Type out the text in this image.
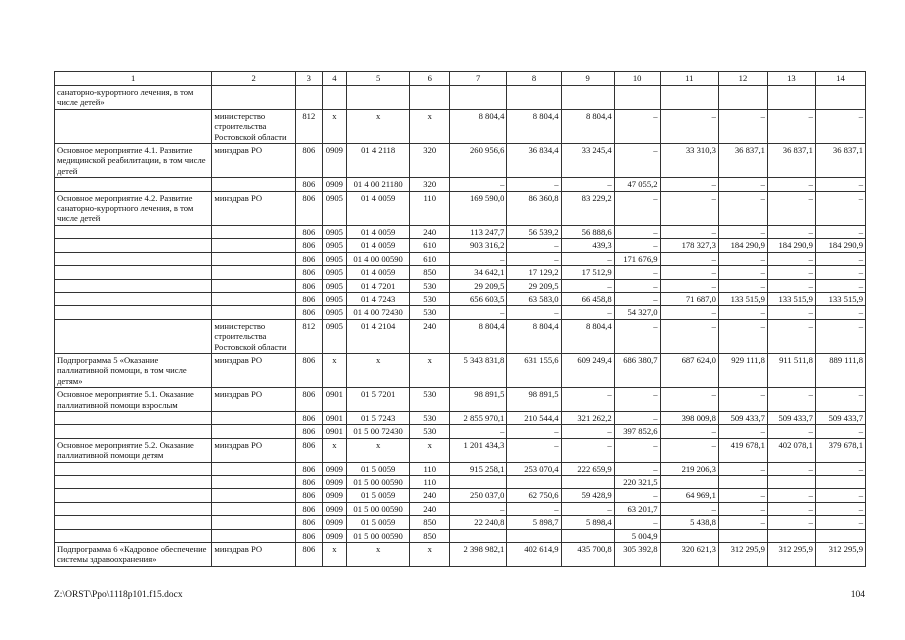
1	2	3	4	5	6	7	8	9	10	11	12	13	14
санаторно-курортного лечения, в том числе детей»													
	министерство строительства Ростовской области	812	х	х	х	8 804,4	8 804,4	8 804,4	–	–	–	–	–
Основное мероприятие 4.1. Развитие медицинской реабилитации, в том числе детей	минздрав РО	806	0909	01 4 2118	320	260 956,6	36 834,4	33 245,4	–	33 310,3	36 837,1	36 837,1	36 837,1
		806	0909	01 4 00 21180	320	–	–	–	47 055,2	–	–	–	–
Основное мероприятие 4.2. Развитие санаторно-курортного лечения, в том числе детей	минздрав РО	806	0905	01 4 0059	110	169 590,0	86 360,8	83 229,2	–	–	–	–	–
		806	0905	01 4 0059	240	113 247,7	56 539,2	56 888,6	–	–	–	–	–
		806	0905	01 4 0059	610	903 316,2	–	439,3	–	178 327,3	184 290,9	184 290,9	184 290,9
		806	0905	01 4 00 00590	610	–	–	–	171 676,9	–	–	–	–
		806	0905	01 4 0059	850	34 642,1	17 129,2	17 512,9	–	–	–	–	–
		806	0905	01 4 7201	530	29 209,5	29 209,5	–	–	–	–	–	–
		806	0905	01 4 7243	530	656 603,5	63 583,0	66 458,8	–	71 687,0	133 515,9	133 515,9	133 515,9
		806	0905	01 4 00 72430	530	–	–	–	54 327,0	–	–	–	–
	министерство строительства Ростовской области	812	0905	01 4 2104	240	8 804,4	8 804,4	8 804,4	–	–	–	–	–
Подпрограмма 5 «Оказание паллиативной помощи, в том числе детям»	минздрав РО	806	х	х	х	5 343 831,8	631 155,6	609 249,4	686 380,7	687 624,0	929 111,8	911 511,8	889 111,8
Основное мероприятие 5.1. Оказание паллиативной помощи взрослым	минздрав РО	806	0901	01 5 7201	530	98 891,5	98 891,5	–	–	–	–	–	–
		806	0901	01 5 7243	530	2 855 970,1	210 544,4	321 262,2	–	398 009,8	509 433,7	509 433,7	509 433,7
		806	0901	01 5 00 72430	530	–	–	–	397 852,6	–	–	–	–
Основное мероприятие 5.2. Оказание паллиативной помощи детям	минздрав РО	806	х	х	х	1 201 434,3	–	–	–	–	419 678,1	402 078,1	379 678,1
		806	0909	01 5 0059	110	915 258,1	253 070,4	222 659,9	–	219 206,3	–	–	–
		806	0909	01 5 00 00590	110				220 321,5				
		806	0909	01 5 0059	240	250 037,0	62 750,6	59 428,9	–	64 969,1	–	–	–
		806	0909	01 5 00 00590	240	–	–	–	63 201,7	–	–	–	–
		806	0909	01 5 0059	850	22 240,8	5 898,7	5 898,4	–	5 438,8	–	–	–
		806	0909	01 5 00 00590	850				5 004,9				
Подпрограмма 6 «Кадровое обеспечение системы здравоохранения»	минздрав РО	806	х	х	х	2 398 982,1	402 614,9	435 700,8	305 392,8	320 621,3	312 295,9	312 295,9	312 295,9
Z:\ORST\Ppo\1118p101.f15.docx	104
